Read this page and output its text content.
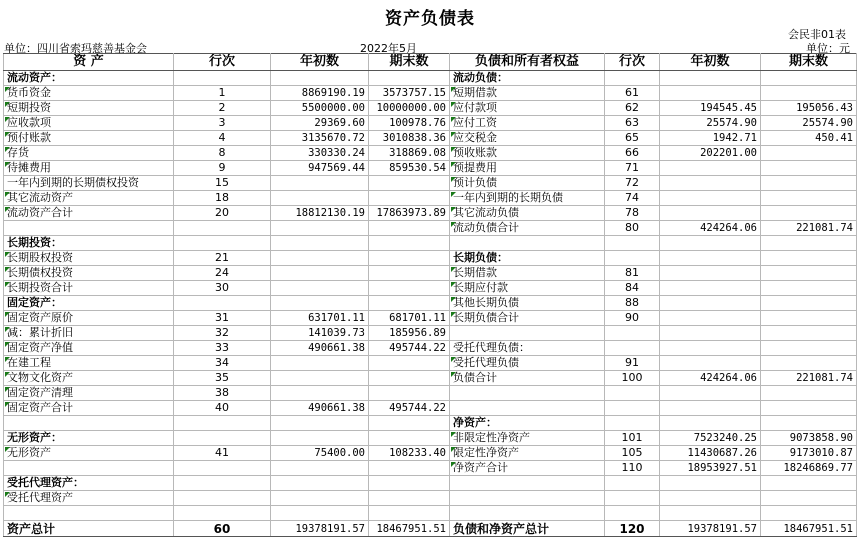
资产负债表
会民非01表
单位：四川省索玛慈善基金会	2022年5月	单位：元
资 产	行次	年初数	期末数	负债和所有者权益	行次	年初数	期末数
流动资产：				流动负债：			
货币资金	1	8869190.19	3573757.15	短期借款	61		
短期投资	2	5500000.00	10000000.00	应付款项	62	194545.45	195056.43
应收款项	3	29369.60	100978.76	应付工资	63	25574.90	25574.90
预付账款	4	3135670.72	3010838.36	应交税金	65	1942.71	450.41
存货	8	330330.24	318869.08	预收账款	66	202201.00	
待摊费用	9	947569.44	859530.54	预提费用	71		
一年内到期的长期债权投资	15			预计负债	72		
其它流动资产	18			一年内到期的长期负债	74		
流动资产合计	20	18812130.19	17863973.89	其它流动负债	78		
				流动负债合计	80	424264.06	221081.74
长期投资：							
长期股权投资	21			长期负债：			
长期债权投资	24			长期借款	81		
长期投资合计	30			长期应付款	84		
固定资产：				其他长期负债	88		
固定资产原价	31	631701.11	681701.11	长期负债合计	90		
减：累计折旧	32	141039.73	185956.89				
固定资产净值	33	490661.38	495744.22	受托代理负债：			
在建工程	34			受托代理负债	91		
文物文化资产	35			负债合计	100	424264.06	221081.74
固定资产清理	38						
固定资产合计	40	490661.38	495744.22				
				净资产：			
无形资产：				非限定性净资产	101	7523240.25	9073858.90
无形资产	41	75400.00	108233.40	限定性净资产	105	11430687.26	9173010.87
				净资产合计	110	18953927.51	18246869.77
受托代理资产：							
受托代理资产							

资产总计	60	19378191.57	18467951.51	负债和净资产总计	120	19378191.57	18467951.51
